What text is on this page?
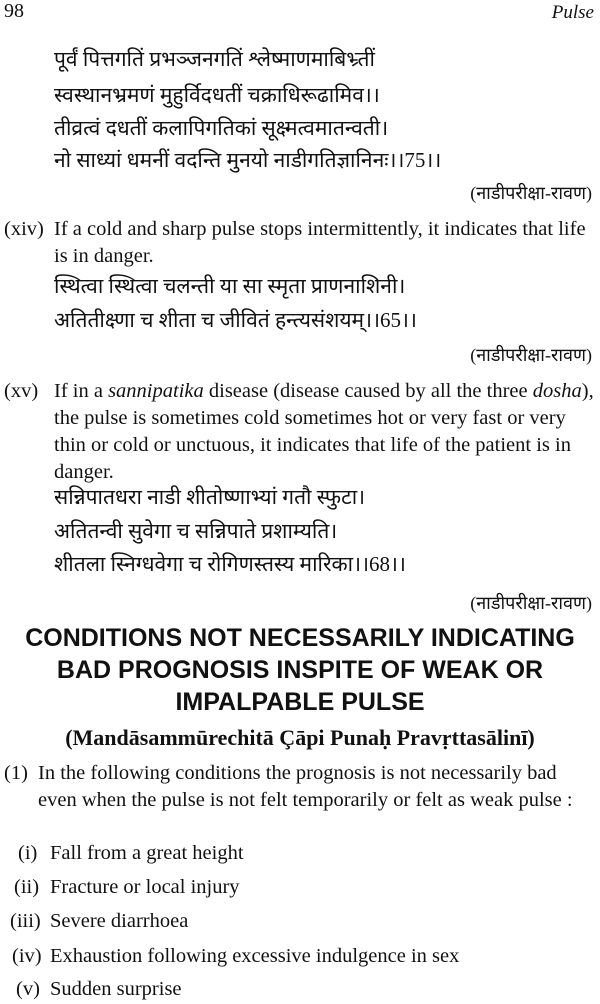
98	Pulse
पूर्वं पित्तगतिं प्रभञ्जनगतिं श्लेष्माणमाबिभ्र्तीं
स्वस्थानभ्रमणं मुहुर्विदधतीं चक्राधिरूढामिव।।
तीव्रत्वं दधतीं कलापिगतिकां सूक्ष्मत्वमातन्वती।
नो साध्यां धमनीं वदन्ति मुनयो नाडीगतिज्ञानिनः।।75।।
(नाडीपरीक्षा-रावण)
(xiv) If a cold and sharp pulse stops intermittently, it indicates that life is in danger.
स्थित्वा स्थित्वा चलन्ती या सा स्मृता प्राणनाशिनी।
अतितीक्ष्णा च शीता च जीवितं हन्त्यसंशयम्।।65।।
(नाडीपरीक्षा-रावण)
(xv) If in a sannipatika disease (disease caused by all the three dosha), the pulse is sometimes cold sometimes hot or very fast or very thin or cold or unctuous, it indicates that life of the patient is in danger.
सन्निपातधरा नाडी शीतोष्णाभ्यां गतौ स्फुटा।
अतितन्वी सुवेगा च सन्निपाते प्रशाम्यति।
शीतला स्निग्धवेगा च रोगिणस्तस्य मारिका।।68।।
(नाडीपरीक्षा-रावण)
CONDITIONS NOT NECESSARILY INDICATING
BAD PROGNOSIS INSPITE OF WEAK OR
IMPALPABLE PULSE
(Mandāsammūrechitā Çāpi Punaḥ Pravṛttasālinī)
(1) In the following conditions the prognosis is not necessarily bad even when the pulse is not felt temporarily or felt as weak pulse :
(i) Fall from a great height
(ii) Fracture or local injury
(iii) Severe diarrhoea
(iv) Exhaustion following excessive indulgence in sex
(v) Sudden surprise
